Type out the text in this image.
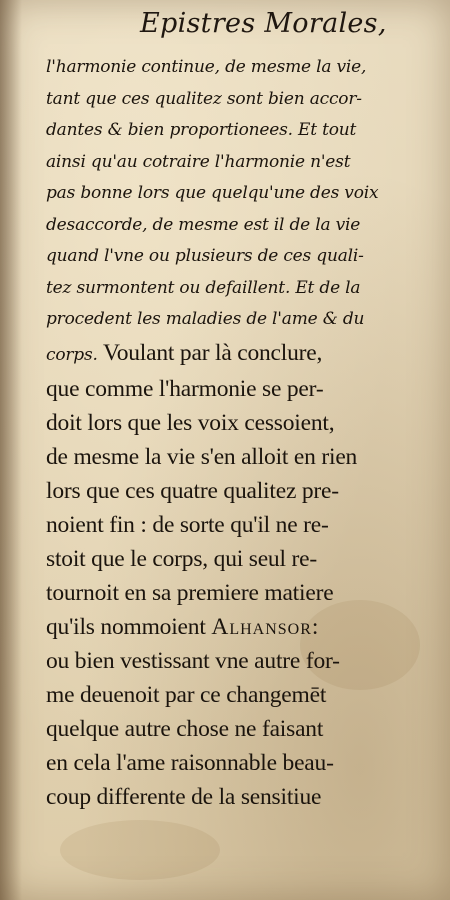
Epistres Morales,
l'harmonie continue, de mesme la vie,
tant que ces qualitez sont bien accor-
dantes & bien proportionees. Et tout
ainsi qu'au cotraire l'harmonie n'est
pas bonne lors que quelqu'une des voix
desaccorde, de mesme est il de la vie
quand l'vne ou plusieurs de ces quali-
tez surmontent ou defaillent. Et de la
procedent les maladies de l'ame & du
corps. Voulant par là conclure,
que comme l'harmonie se per-
doit lors que les voix cessoient,
de mesme la vie s'en alloit en rien
lors que ces quatre qualitez pre-
noient fin : de sorte qu'il ne re-
stoit que le corps, qui seul re-
tournoit en sa premiere matiere
qu'ils nommoient Alhansor:
ou bien vestissant vne autre for-
me deuenoit par ce changemēt
quelque autre chose ne faisant
en cela l'ame raisonnable beau-
coup differente de la sensitiue
